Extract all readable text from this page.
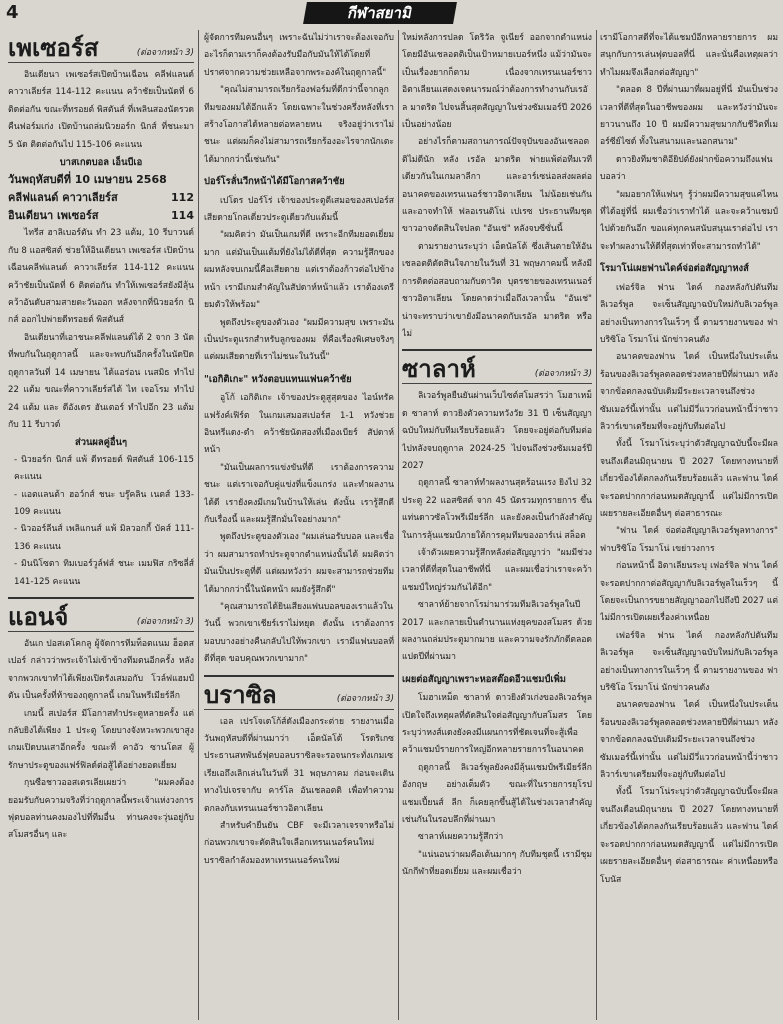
4	กีฬาสยามิ
เพเซอร์ส	(ต่อจากหน้า 3)

อินเดียนา เพเซอร์สเปิดบ้านเฉือน คลีฟแลนด์ คาวาเลียร์ส 114-112 คะแนน คว้าชัยเป็นนัดที่ 6 ติดต่อกัน ขณะที่ทรอยต์ พิสตันส์ ที่เพลินสองนัดรวด คืนฟอร์มเก่ง เปิดบ้านถล่มนิวยอร์ก นิกส์ ที่ชนะมา 5 นัด ติดต่อกันไป 115-106 คะแนน

บาสเกตบอล เอ็นบีเอ
วันพฤหัสบดีที่ 10 เมษายน 2568
คลีฟแลนด์ คาวาเลียร์ส	112
อินเดียนา เพเซอร์ส	114

ไทรีส ฮาลิเบอร์ตัน ทำ 23 แต้ม, 10 รีบาวนด์ กับ 8 แอสซิสต์ ช่วยให้อินเดียนา เพเซอร์ส เปิดบ้านเฉือนคลีฟแลนด์ คาวาเลียร์ส 114-112 คะแนน คว้าชัยเป็นนัดที่ 6 ติดต่อกัน ทำให้เพเซอร์สยังมีลุ้นคว้าอันดับสามสายตะวันออก หลังจากที่นิวยอร์ก นิกส์ ออกไปพ่ายดีทรอยต์ พิสตันส์

อินเดียนาที่เอาชนะคลีฟแลนด์ได้ 2 จาก 3 นัดที่พบกันในฤดูกาลนี้ และจะพบกันอีกครั้งในนัดปิดฤดูกาลวันที่ 14 เมษายน ได้แอร่อน เนสมิธ ทำไป 22 แต้ม ขณะที่คาวาเลียร์สได้ ไท เจอโรม ทำไป 24 แต้ม และ ดีอังเดร ฮันเตอร์ ทำไปอีก 23 แต้ม กับ 11 รีบาวด์

ส่วนผลคู่อื่นๆ

- นิวยอร์ก นิกส์ แพ้ ดีทรอยต์ พิสตันส์ 106-115 คะแนน

- แอตแลนต้า ฮอว์กส์ ชนะ บรู๊คลิน เนตส์ 133-109 คะแนน

- นิวออร์ลีนส์ เพลิแกนส์ แพ้ มิลวอกกี้ บัคส์ 111-136 คะแนน

- มินนิโซตา ทิมเบอร์วูล์ฟส์ ชนะ เมมฟิส กริซลี่ส์ 141-125 คะแนน

แอนจ์	(ต่อจากหน้า 3)

อันเก ปอสเตโคกลู ผู้จัดการทีมท็อตแนม ฮ็อตสเปอร์ กล่าวว่าพระเจ้าไม่เข้าข้างทีมตนอีกครั้ง หลังจากพวกเขาทำได้เพียงเปิดรังเสมอกับ โวล์ฟแฮมป์ตัน เป็นครั้งที่ห้าของฤดูกาลนี้ เกมในพรีเมียร์ลีก

เกมนี้ สเปอร์ส มีโอกาสทำประตูหลายครั้ง แต่กลับยิงได้เพียง 1 ประตู โดยบางจังหวะพวกเขาสูงเกมเปิดบนเสาอีกครั้ง ขณะที่ คาอัว ซานโตส ผู้รักษาประตูของแฟร์ฟิลด์ต่อสู้ได้อย่างยอดเยี่ยม

กุนซือชาวออสเตรเลียเผยว่า "ผมคงต้องยอมรับกับความจริงที่ว่าฤดูกาลนี้พระเจ้าแห่งวงการฟุตบอลท่านคงมองไปที่ทีมอื่น ท่านคงจะวุ่นอยู่กับสโมสรอื่นๆ และ

ผู้จัดการทีมคนอื่นๆ เพราะฉันไม่ว่าเราจะต้องเจอกับอะไรก็ตามเราก็คงต้องรับมือกับมันให้ได้โดยที่ปราศจากความช่วยเหลือจากพระองค์ในฤดูกาลนี้"

"คุณไม่สามารถเรียกร้องฟอร์มที่ดีกว่านี้จากลูกทีมของผมได้อีกแล้ว โดยเฉพาะในช่วงครึ่งหลังที่เราสร้างโอกาสได้หลายต่อหลายหน จริงอยู่ว่าเราไม่ชนะ แต่ผมก็คงไม่สามารถเรียกร้องอะไรจากนักเตะได้มากกว่านี้เช่นกัน"

ปอร์โรลั่นวีกหน้าได้มีโอกาสคว้าชัย

เปโดร ปอร์โร่ เจ้าของประตูตีเสมอของสเปอร์ส เสียดายโกลเดี่ยวประตูเดียวกับแต้มนี้

"ผมคิดว่า มันเป็นเกมที่ดี เพราะอีกทีมยอดเยี่ยมมาก แต่มันเป็นแต้มที่ยังไม่ได้ดีที่สุด ความรู้สึกของผมหลังจบเกมนี้คือเสียดาย แต่เราต้องก้าวต่อไปข้างหน้า เรามีเกมสำคัญในสัปดาห์หน้าแล้ว เราต้องเตรียมตัวให้พร้อม"

พูดถึงประตูของตัวเอง "ผมมีความสุข เพราะมันเป็นประตูแรกสำหรับลูกของผม ที่คือเรื่องพิเศษจริงๆ แต่ผมเสียดายที่เราไม่ชนะในวันนี้"

"เอกิติเกะ" หวังตอบแทนแฟนคว้าชัย

อูโก้ เอกิติเกะ เจ้าของประตูสูสุดของ ไอน์ทรัค แฟร้งค์เฟิร์ต ในเกมเสมอสเปอร์ส 1-1 หวังช่วยอินทรีแดง-ดำ คว้าชัยนัดสองที่เมืองเบียร์ สัปดาห์หน้า

"มันเป็นผลการแข่งขันที่ดี เราต้องการความชนะ แต่เราเจอกับคู่แข่งที่แข็งแกร่ง และทำผลงานได้ดี เรายังคงมีเกมในบ้านให้เล่น ดังนั้น เรารู้สึกดีกับเรื่องนี้ และผมรู้สึกมั่นใจอย่างมาก"

พูดถึงประตูของตัวเอง "ผมเล่นอรับบอล และเชื่อว่า ผมสามารถทำประตูจากตำแหน่งนั้นได้ ผมคิดว่า มันเป็นประตูที่ดี แต่ผมหวังว่า ผมจะสามารถช่วยทีมได้มากกว่านี้ในนัดหน้า ผมยังรู้สึกดี"

"คุณสามารถได้ยินเสียงแฟนบอลของเราแล้วในวันนี้ พวกเขาเชียร์เราไม่หยุด ดังนั้น เราต้องการมอบบางอย่างคืนกลับไปให้พวกเขา เรามีแฟนบอลที่ดีที่สุด ขอบคุณพวกเขามาก"

บราซิล	(ต่อจากหน้า 3)

เอล เปรโจเดโก้ส์ดังเมืองกระต่าย รายงานเมื่อวันพฤหัสบดีที่ผ่านมาว่า เอ็ดนัลโด้ โรดริเกซ ประธานสหพันธ์ฟุตบอลบราซิลจะรอจนกระทั่งเกมเซเรียเอถึงเลิกเล่นในวันที่ 31 พฤษภาคม ก่อนจะเดินทางไปเจรจากับ คาร์โล อันเชลอตติ เพื่อทำความตกลงกับเทรนเนอร์ชาวอิตาเลียน

สำหรับคำยืนยัน CBF จะมีเวลาเจรจาหรือไม่ ก่อนพวกเขาจะตัดสินใจเลือกเทรนเนอร์คนใหม่ บราซิลกำลังมองหาเทรนเนอร์คนใหม่

ใหม่หลังการปลด โดริวัล จูเนียร์ ออกจากตำแหน่ง โดยมีอันเชลอตติเป็นเป้าหมายเบอร์หนึ่ง แม้ว่ามันจะเป็นเรื่องยากก็ตาม เนื่องจากเทรนเนอร์ชาวอิตาเลียนแสดงเจตนารมณ์ว่าต้องการทำงานกับเรอัล มาดริด ไปจนสิ้นสุดสัญญาในช่วงซัมเมอร์ปี 2026 เป็นอย่างน้อย

อย่างไรก็ตามสถานการณ์ปัจจุบันของอันเชลอตติไม่ดีนัก หลัง เรอัล มาดริด พ่ายแพ้ต่อทีมเวทีเดียวกันในเกมลาลีกา และอาร์เซน่อลส่งผลต่ออนาคตของเทรนเนอร์ชาวอิตาเลียน ไม่น้อยเช่นกัน และอาจทำให้ ฟลอเรนติโน่ เปเรซ ประธานทีมชุดขาวอาจตัดสินใจปลด "อันเช่" หลังจบซีซั่นนี้

ตามรายงานระบุว่า เอ็ดนัลโด้ ซึ่งเส้นตายให้อันเชลอตติตัดสินใจภายในวันที่ 31 พฤษภาคมนี้ หลังมีการติดต่อสอบถามกับดาวิด บุตรชายของเทรนเนอร์ชาวอิตาเลียน โดยคาดว่าเมื่อถึงเวลานั้น "อันเช่" น่าจะทราบว่าเขายังมีอนาคตกับเรอัล มาดริด หรือไม่

ซาลาห์	(ต่อจากหน้า 3)

ลิเวอร์พูลยืนยันผ่านเว็บไซต์สโมสรว่า โมฮาเหม็ด ซาลาห์ ดาวยิงตัวความหวังวัย 31 ปี เซ็นสัญญาฉบับใหม่กับทีมเรียบร้อยแล้ว โดยจะอยู่ต่อกับทีมต่อไปหลังจบฤดูกาล 2024-25 ไปจนถึงช่วงซัมเมอร์ปี 2027

ฤดูกาลนี้ ซาลาห์ทำผลงานสุดร้อนแรง ยิงไป 32 ประตู 22 แอสซิสต์ จาก 45 นัดรวมทุกรายการ ขึ้นแท่นดาวซัลโวพรีเมียร์ลีก และยังคงเป็นกำลังสำคัญในการลุ้นแชมป์ภายใต้การคุมทีมของอาร์เน่ สล็อต

เจ้าตัวเผยความรู้สึกหลังต่อสัญญาว่า "ผมมีช่วงเวลาที่ดีที่สุดในอาชีพที่นี่ และผมเชื่อว่าเราจะคว้าแชมป์ใหญ่ร่วมกันได้อีก"

ซาลาห์ย้ายจากโรม่ามาร่วมทีมลิเวอร์พูลในปี 2017 และกลายเป็นตำนานแห่งยุคของสโมสร ด้วยผลงานถล่มประตูมากมาย และความจงรักภักดีตลอดแปดปีที่ผ่านมา

เผยต่อสัญญาเพราะหอสต๊อดอีวแชมป์เพิ่ม

โมฮาเหม็ด ซาลาห์ ดาวยิงตัวเก่งของลิเวอร์พูล เปิดใจถึงเหตุผลที่ตัดสินใจต่อสัญญากับสโมสร โดยระบุว่าหงส์แดงยังคงมีแผนการที่ชัดเจนที่จะสู้เพื่อคว้าแชมป์รายการใหญ่อีกหลายรายการในอนาคต

ฤดูกาลนี้ ลิเวอร์พูลยังคงมีลุ้นแชมป์พรีเมียร์ลีก อังกฤษ อย่างเต็มตัว ขณะที่ในรายการยุโรป แชมเปี้ยนส์ ลีก ก็เคยลุกขึ้นสู้ได้ในช่วงเวลาสำคัญเช่นกันในรอบลึกที่ผ่านมา

ซาลาห์เผยความรู้สึกว่า

"แน่นอนว่าผมคือเต้นมากๆ กับทีมชุดนี้ เรามีชุมนักกีฬาที่ยอดเยี่ยม และผมเชื่อว่า

เรามีโอกาสดีที่จะได้แชมป์อีกหลายรายการ ผมสนุกกับการเล่นฟุตบอลที่นี่ และนั่นคือเหตุผลว่าทำไมผมจึงเลือกต่อสัญญา"

"ตลอด 8 ปีที่ผ่านมาที่ผมอยู่ที่นี่ มันเป็นช่วงเวลาที่ดีที่สุดในอาชีพของผม และหวังว่ามันจะยาวนานถึง 10 ปี ผมมีความสุขมากกับชีวิตที่เมอร์ซีย์ไซด์ ทั้งในสนามและนอกสนาม"

ดาวยิงทีมชาติอียิปต์ยังฝากข้อความถึงแฟนบอลว่า

"ผมอยากให้แฟนๆ รู้ว่าผมมีความสุขแค่ไหนที่ได้อยู่ที่นี่ ผมเชื่อว่าเราทำได้ และจะคว้าแชมป์ไปด้วยกันอีก ขอแค่ทุกคนสนับสนุนเราต่อไป เราจะทำผลงานให้ดีที่สุดเท่าที่จะสามารถทำได้"

โรมาโน่เผยฟานไดค์จ่อต่อสัญญาหงส์

เฟอร์จิล ฟาน ไดค์ กองหลังกัปตันทีมลิเวอร์พูล จะเซ็นสัญญาฉบับใหม่กับลิเวอร์พูลอย่างเป็นทางการในเร็วๆ นี้ ตามรายงานของ ฟาบริซิโอ โรมาโน่ นักข่าวคนดัง

อนาคตของฟาน ไดค์ เป็นหนึ่งในประเด็นร้อนของลิเวอร์พูลตลอดช่วงหลายปีที่ผ่านมา หลังจากข้อตกลงฉบับเดิมมีระยะเวลาจนถึงช่วงซัมเมอร์นี้เท่านั้น แต่ไม่มีวี่แววก่อนหน้านี้ว่าชาวลิวาร์เขาเตรียมที่จะอยู่กับทีมต่อไป

ทั้งนี้ โรมาโน่ระบุว่าตัวสัญญาฉบับนี้จะมีผลจนถึงเดือนมิถุนายน ปี 2027 โดยทางทนายที่เกี่ยวข้องได้ตกลงกันเรียบร้อยแล้ว และฟาน ไดค์ จะรอดปากกาก่อนหมดสัญญานี้ แต่ไม่มีการเปิดเผยรายละเอียดอื่นๆ ต่อสาธารณะ

"ฟาน ไดค์ จ่อต่อสัญญาลิเวอร์พูลทางการ" ฟาบริซิโอ โรมาโน่ เขย่าวงการ

ก่อนหน้านี้ อิตาเลียนระบุ เฟอร์จิล ฟาน ไดค์ จะรอดปากกาต่อสัญญากับลิเวอร์พูลในเร็วๆ นี้ โดยจะเป็นการขยายสัญญาออกไปถึงปี 2027 แต่ไม่มีการเปิดเผยเรื่องค่าเหนื่อย

เฟอร์จิล ฟาน ไดค์ กองหลังกัปตันทีมลิเวอร์พูล จะเซ็นสัญญาฉบับใหม่กับลิเวอร์พูลอย่างเป็นทางการในเร็วๆ นี้ ตามรายงานของ ฟาบริซิโอ โรมาโน่ นักข่าวคนดัง

อนาคตของฟาน ไดค์ เป็นหนึ่งในประเด็นร้อนของลิเวอร์พูลตลอดช่วงหลายปีที่ผ่านมา หลังจากข้อตกลงฉบับเดิมมีระยะเวลาจนถึงช่วงซัมเมอร์นี้เท่านั้น แต่ไม่มีวี่แววก่อนหน้านี้ว่าชาวลิวาร์เขาเตรียมที่จะอยู่กับทีมต่อไป

ทั้งนี้ โรมาโน่ระบุว่าตัวสัญญาฉบับนี้จะมีผลจนถึงเดือนมิถุนายน ปี 2027 โดยทางทนายที่เกี่ยวข้องได้ตกลงกันเรียบร้อยแล้ว และฟาน ไดค์ จะรอดปากกาก่อนหมดสัญญานี้ แต่ไม่มีการเปิดเผยรายละเอียดอื่นๆ ต่อสาธารณะ ค่าเหนื่อยหรือโบนัส
